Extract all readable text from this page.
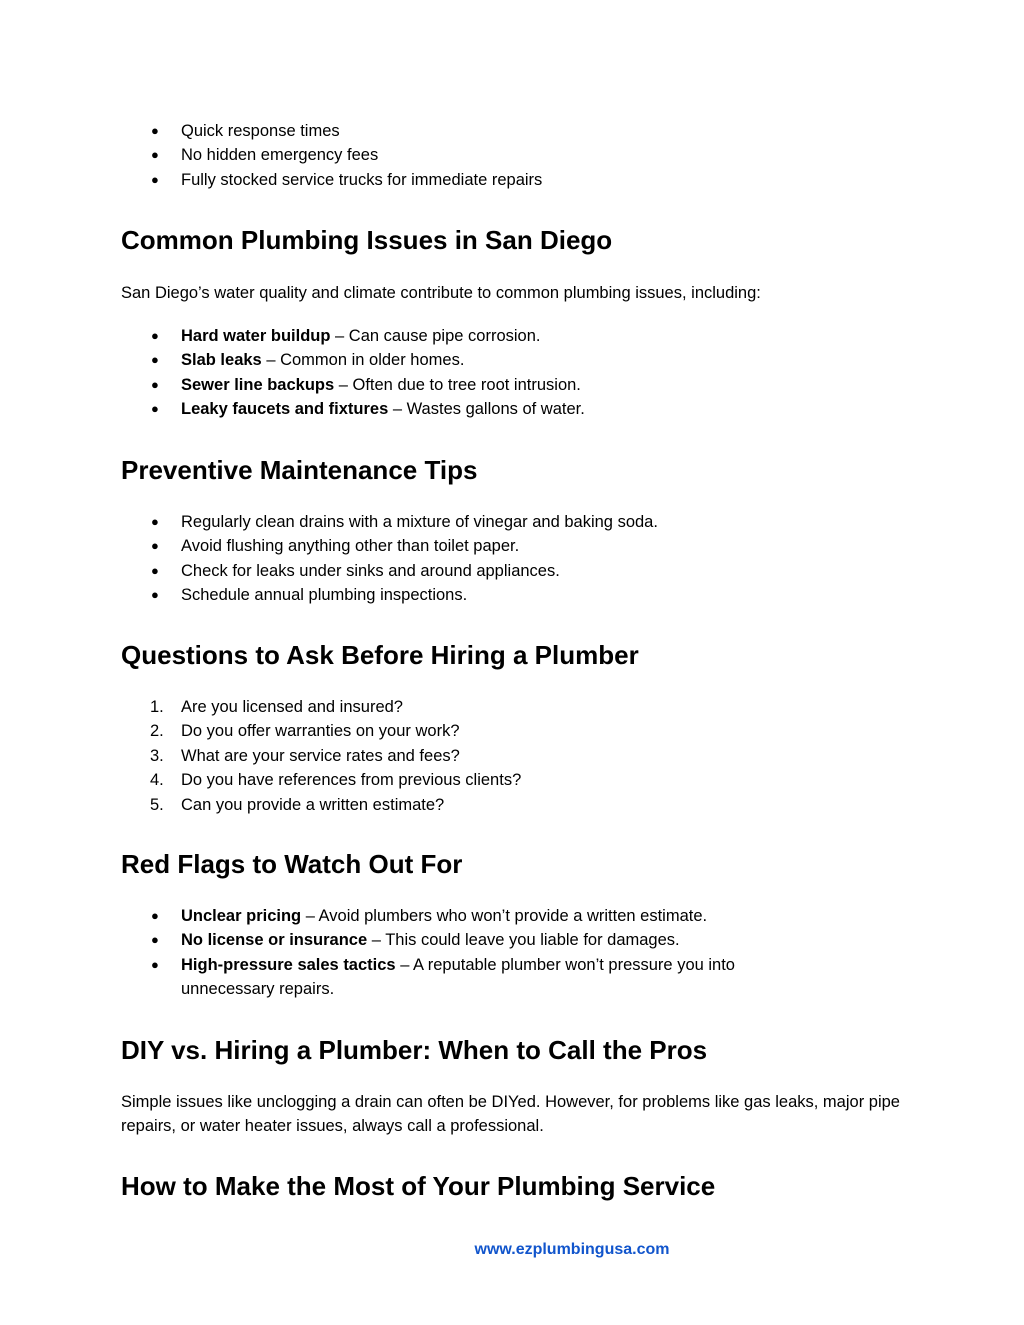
●	Quick response times
●	No hidden emergency fees
●	Fully stocked service trucks for immediate repairs
Common Plumbing Issues in San Diego

San Diego’s water quality and climate contribute to common plumbing issues, including:

●	Hard water buildup – Can cause pipe corrosion.
●	Slab leaks – Common in older homes.
●	Sewer line backups – Often due to tree root intrusion.
●	Leaky faucets and fixtures – Wastes gallons of water.
Preventive Maintenance Tips
●	Regularly clean drains with a mixture of vinegar and baking soda.
●	Avoid flushing anything other than toilet paper.
●	Check for leaks under sinks and around appliances.
●	Schedule annual plumbing inspections.
Questions to Ask Before Hiring a Plumber
1.	Are you licensed and insured?
2.	Do you offer warranties on your work?
3.	What are your service rates and fees?
4.	Do you have references from previous clients?
5.	Can you provide a written estimate?
Red Flags to Watch Out For
●	Unclear pricing – Avoid plumbers who won’t provide a written estimate.
●	No license or insurance – This could leave you liable for damages.
●	High-pressure sales tactics – A reputable plumber won’t pressure you into unnecessary repairs.
DIY vs. Hiring a Plumber: When to Call the Pros

Simple issues like unclogging a drain can often be DIYed. However, for problems like gas leaks, major pipe repairs, or water heater issues, always call a professional.

How to Make the Most of Your Plumbing Service
www.ezplumbingusa.com
